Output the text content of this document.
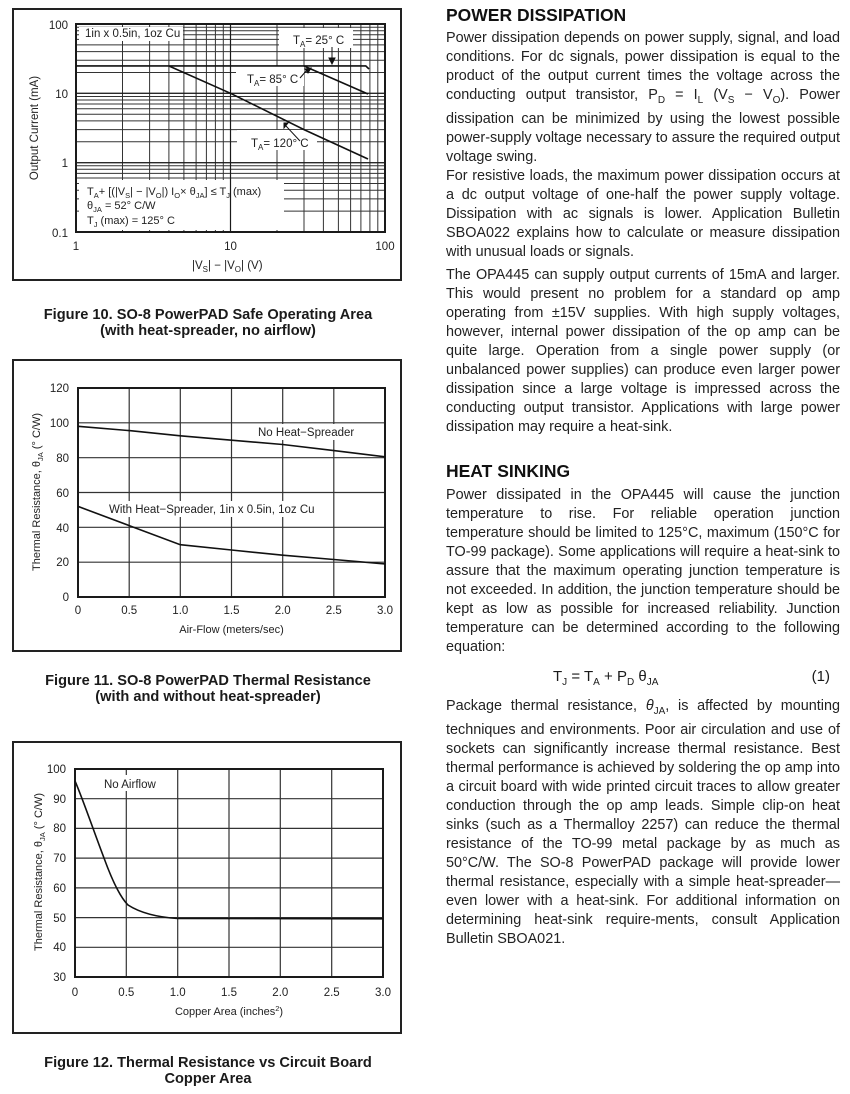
100
10
1
0.1
1	10	100
Output Current (mA)
$|V_S| - |V_O|$ (V)
1in x 0.5in, 1oz Cu
$T_A= 25^\circ$ C
$T_A= 85^\circ$ C
$T_A= 120^\circ$ C
$T_A+ [(|V_S| - |V_O|)$ $I_O\times \theta_{JA}] \le T_J$ (max)
$\theta_{JA} = 52^\circ$ C/W
$T_J$ (max) = 125° C
Figure 10. SO-8 PowerPAD Safe Operating Area
(with heat-spreader, no airflow)
120
100
80
60
40
20
0
0	0.5	1.0	1.5	2.0	2.5	3.0
Air-Flow (meters/sec)
Thermal Resistance, $\theta_{JA}$ (° C/W)	No Heat−Spreader
With Heat−Spreader, 1in x 0.5in, 1oz Cu
Figure 11. SO-8 PowerPAD Thermal Resistance
(with and without heat-spreader)
100
90
80
70
60
50
40
30
0	0.5	1.0	1.5	2.0	2.5	3.0
Copper Area (inches$^2$)
Thermal Resistance, $\theta_{JA}$ (° C/W)
No Airflow
Figure 12. Thermal Resistance vs Circuit Board
Copper Area
POWER DISSIPATION

Power dissipation depends on power supply, signal, and load conditions. For dc signals, power dissipation is equal to the product of the output current times the voltage across the conducting output transistor, $P_D = I_L$ $(V_S - V_O)$. Power dissipation can be minimized by using the lowest possible power-supply voltage necessary to assure the required output voltage swing.

For resistive loads, the maximum power dissipation occurs at a dc output voltage of one-half the power supply voltage. Dissipation with ac signals is lower. Application Bulletin SBOA022 explains how to calculate or measure dissipation with unusual loads or signals.

The OPA445 can supply output currents of 15mA and larger. This would present no problem for a standard op amp operating from ±15V supplies. With high supply voltages, however, internal power dissipation of the op amp can be quite large. Operation from a single power supply (or unbalanced power supplies) can produce even larger power dissipation since a large voltage is impressed across the conducting output transistor. Applications with large power dissipation may require a heat-sink.

HEAT SINKING

Power dissipated in the OPA445 will cause the junction temperature to rise. For reliable operation junction temperature should be limited to 125°C, maximum (150°C for TO-99 package). Some applications will require a heat-sink to assure that the maximum operating junction temperature is not exceeded. In addition, the junction temperature should be kept as low as possible for increased reliability. Junction temperature can be determined according to the following equation:

$T_J = T_A + P_D$ $\theta_{JA}$	(1)

Package thermal resistance, $\theta_{JA}$, is affected by mounting techniques and environments. Poor air circulation and use of sockets can significantly increase thermal resistance. Best thermal performance is achieved by soldering the op amp into a circuit board with wide printed circuit traces to allow greater conduction through the op amp leads. Simple clip-on heat sinks (such as a Thermalloy 2257) can reduce the thermal resistance of the TO-99 metal package by as much as 50°C/W. The SO-8 PowerPAD package will provide lower thermal resistance, especially with a simple heat-spreader—even lower with a heat-sink. For additional information on determining heat-sink require-ments, consult Application Bulletin SBOA021.
